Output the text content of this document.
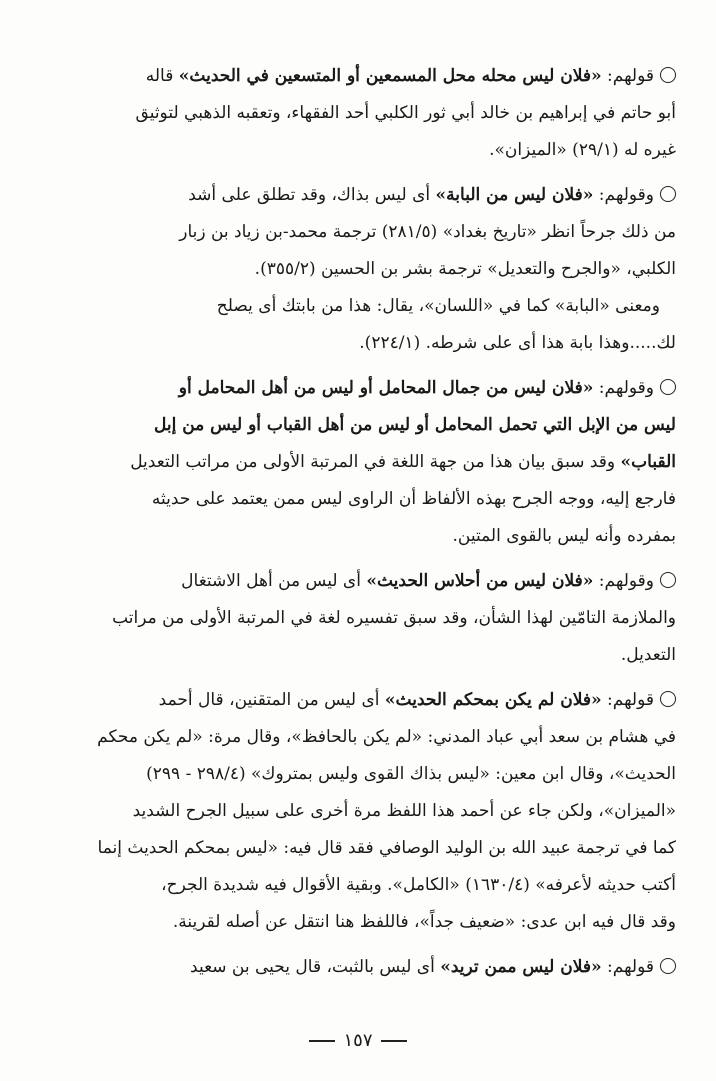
قولهم: «فلان ليس محله محل المسمعين أو المتسعين في الحديث» قاله
أبو حاتم في إبراهيم بن خالد أبي ثور الكلبي أحد الفقهاء، وتعقبه الذهبي لتوثيق
غيره له (٢٩/١) «الميزان».
وقولهم: «فلان ليس من البابة» أى ليس بذاك، وقد تطلق على أشد
من ذلك جرحاً انظر «تاريخ بغداد» (٢٨١/٥) ترجمة محمد-بن زياد بن زبار
الكلبي، «والجرح والتعديل» ترجمة بشر بن الحسين (٣٥٥/٢).
ومعنى «البابة» كما في «اللسان»، يقال: هذا من بابتك أى يصلح
لك.....وهذا بابة هذا أى على شرطه. (٢٢٤/١).
وقولهم: «فلان ليس من جمال المحامل أو ليس من أهل المحامل أو
ليس من الإبل التي تحمل المحامل أو ليس من أهل القباب أو ليس من إبل
القباب» وقد سبق بيان هذا من جهة اللغة في المرتبة الأولى من مراتب التعديل
فارجع إليه، ووجه الجرح بهذه الألفاظ أن الراوى ليس ممن يعتمد على حديثه
بمفرده وأنه ليس بالقوى المتين.
وقولهم: «فلان ليس من أحلاس الحديث» أى ليس من أهل الاشتغال
والملازمة التامّين لهذا الشأن، وقد سبق تفسيره لغة في المرتبة الأولى من مراتب
التعديل.
قولهم: «فلان لم يكن بمحكم الحديث» أى ليس من المتقنين، قال أحمد
في هشام بن سعد أبي عباد المدني: «لم يكن بالحافظ»، وقال مرة: «لم يكن محكم
الحديث»، وقال ابن معين: «ليس بذاك القوى وليس بمتروك» (٢٩٨/٤ - ٢٩٩)
«الميزان»، ولكن جاء عن أحمد هذا اللفظ مرة أخرى على سبيل الجرح الشديد
كما في ترجمة عبيد الله بن الوليد الوصافي فقد قال فيه: «ليس بمحكم الحديث إنما
أكتب حديثه لأعرفه» (١٦٣٠/٤) «الكامل». وبقية الأقوال فيه شديدة الجرح،
وقد قال فيه ابن عدى: «ضعيف جداً»، فاللفظ هنا انتقل عن أصله لقرينة.
قولهم: «فلان ليس ممن تريد» أى ليس بالثبت، قال يحيى بن سعيد
١٥٧
